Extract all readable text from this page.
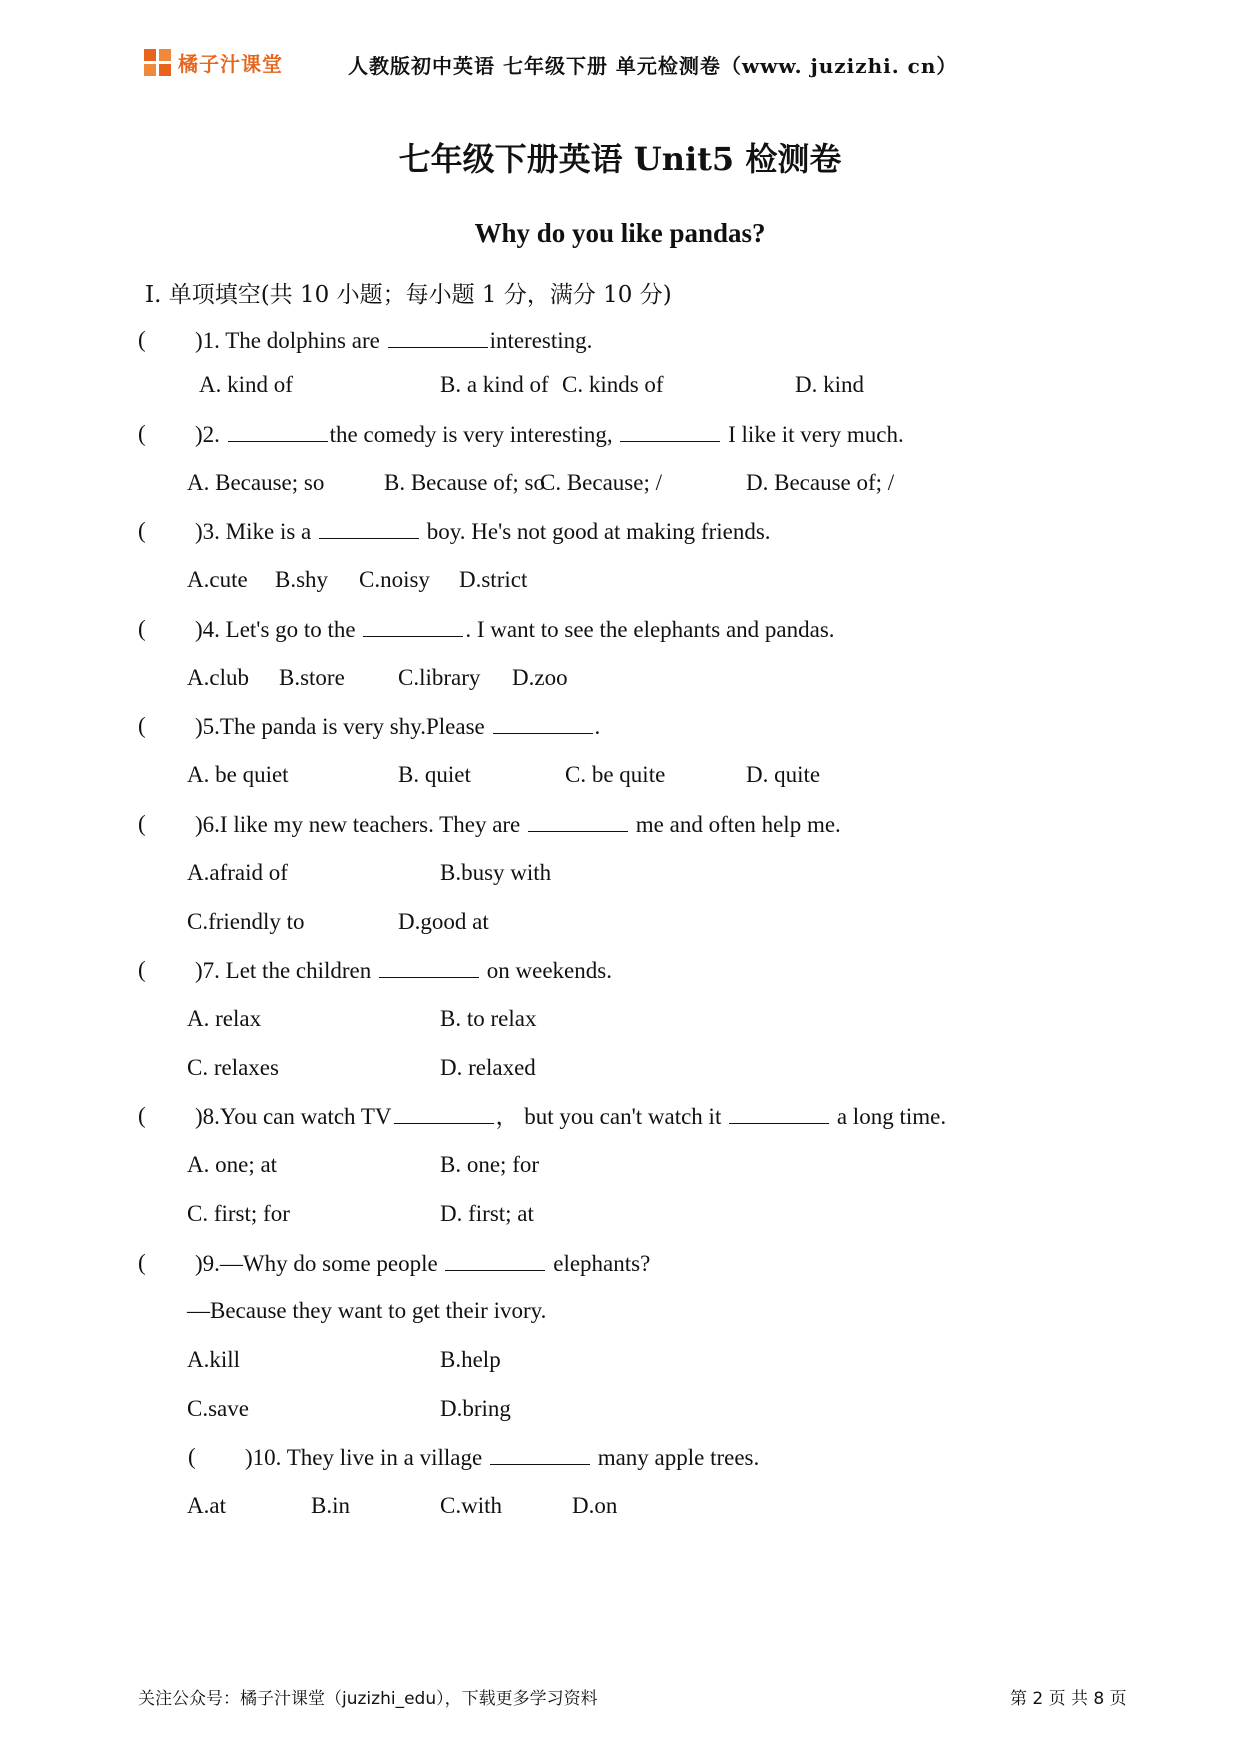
橘子汁课堂	人教版初中英语 七年级下册 单元检测卷（www. juzizhi. cn）
七年级下册英语 Unit5 检测卷
Why do you like pandas?
Ⅰ. 单项填空(共 10 小题；每小题 1 分，满分 10 分)
( )1. The dolphins are	interesting.
A. kind of	B. a kind of C. kinds of	D. kind
( )2.	the comedy is very interesting,	I like it very much.
A. Because; so	B. Because of; so
C. Because; /	D. Because of; /
( )3. Mike is a	boy. He's not good at making friends.
A.cute B.shy C.noisy D.strict
( )4. Let's go to the	. I want to see the elephants and pandas.
A.club B.store C.library D.zoo
( )5.The panda is very shy.Please	.
A. be quiet	B. quiet	C. be quite	D. quite
( )6.I like my new teachers. They are	me and often help me.
A.afraid of	B.busy with
C.friendly to	D.good at
( )7. Let the children	on weekends.
A. relax	B. to relax
C. relaxes	D. relaxed
( )8.You can watch TV	， but you can't watch it	a long time.
A. one; at	B. one; for
C. first; for	D. first; at
( )9.—Why do some people	elephants?
—Because they want to get their ivory.
A.kill	B.help
C.save	D.bring
( )10. They live in a village	many apple trees.
A.at	B.in	C.with	D.on
关注公众号：橘子汁课堂（juzizhi_edu），下载更多学习资料	第 2 页 共 8 页
